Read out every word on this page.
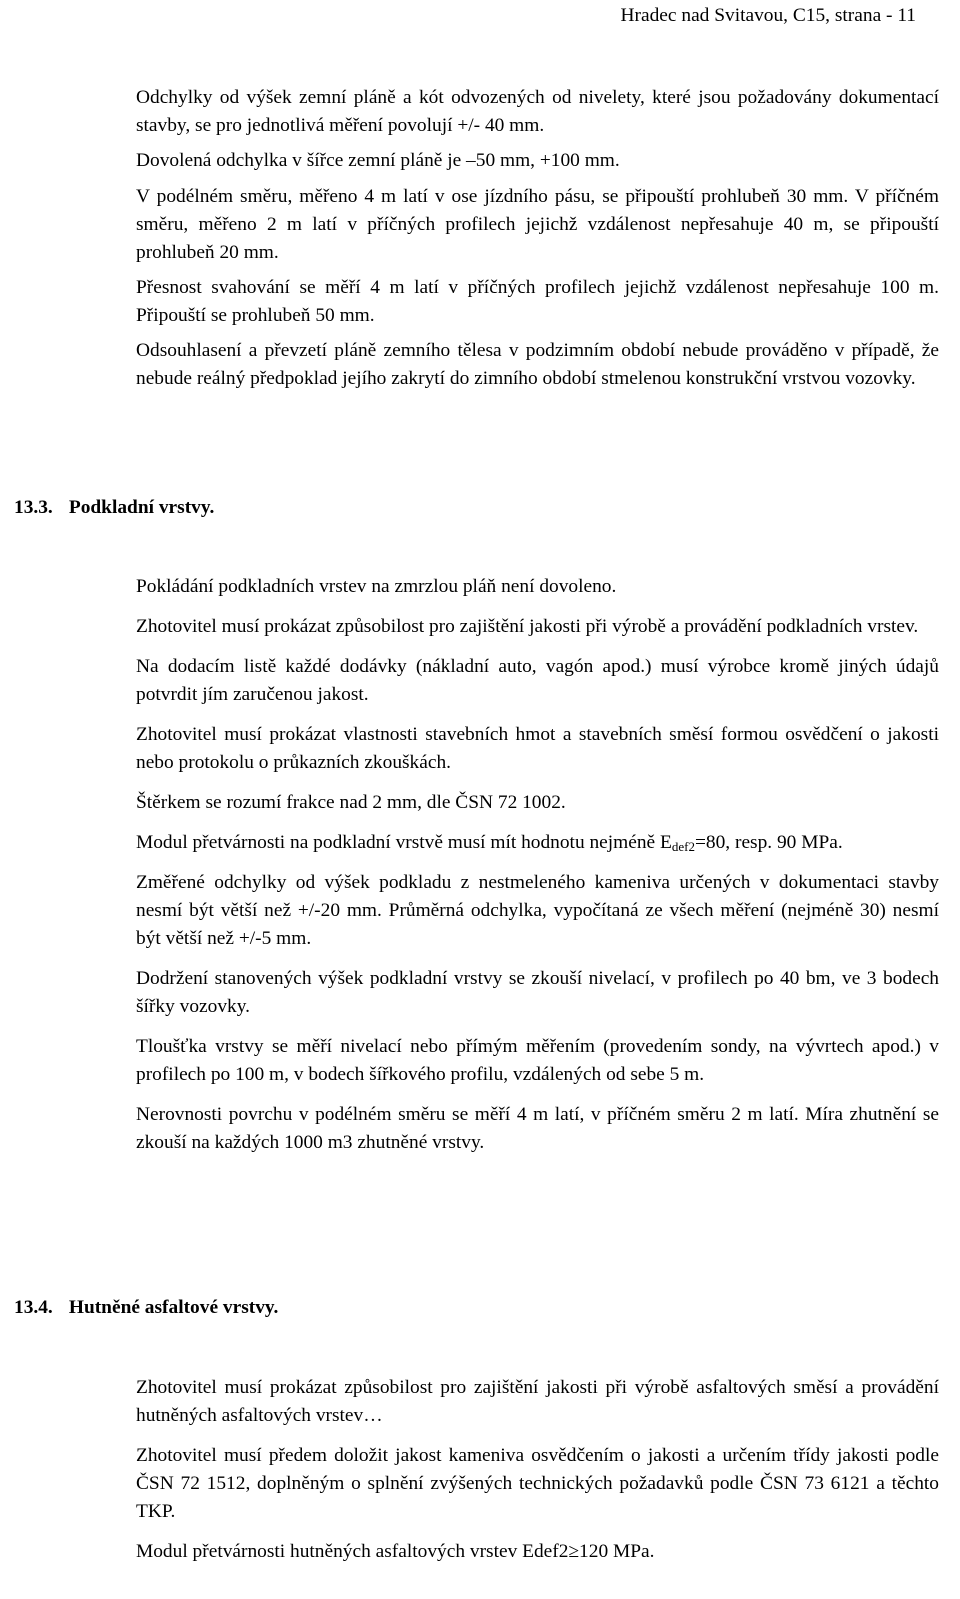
Hradec nad Svitavou, C15, strana - 11

Odchylky od výšek zemní pláně a kót odvozených od nivelety, které jsou požadovány dokumentací stavby, se pro jednotlivá měření povolují +/- 40 mm.

Dovolená odchylka v šířce zemní pláně je –50 mm, +100 mm.

V podélném směru, měřeno 4 m latí v ose jízdního pásu, se připouští prohlubeň 30 mm. V příčném směru, měřeno 2 m latí v příčných profilech jejichž vzdálenost nepřesahuje 40 m, se připouští prohlubeň 20 mm.

Přesnost svahování se měří 4 m latí v příčných profilech jejichž vzdálenost nepřesahuje 100 m. Připouští se prohlubeň 50 mm.

Odsouhlasení a převzetí pláně zemního tělesa v podzimním období nebude prováděno v případě, že nebude reálný předpoklad jejího zakrytí do zimního období stmelenou konstrukční vrstvou vozovky.

13.3. Podkladní vrstvy.

Pokládání podkladních vrstev na zmrzlou pláň není dovoleno.

Zhotovitel musí prokázat způsobilost pro zajištění jakosti při výrobě a provádění podkladních vrstev.

Na dodacím listě každé dodávky (nákladní auto, vagón apod.) musí výrobce kromě jiných údajů potvrdit jím zaručenou jakost.

Zhotovitel musí prokázat vlastnosti stavebních hmot a stavebních směsí formou osvědčení o jakosti nebo protokolu o průkazních zkouškách.

Štěrkem se rozumí frakce nad 2 mm, dle ČSN 72 1002.

Modul přetvárnosti na podkladní vrstvě musí mít hodnotu nejméně $E_{def2}=80$, resp. 90 MPa.

Změřené odchylky od výšek podkladu z nestmeleného kameniva určených v dokumentaci stavby nesmí být větší než +/-20 mm. Průměrná odchylka, vypočítaná ze všech měření (nejméně 30) nesmí být větší než +/-5 mm.

Dodržení stanovených výšek podkladní vrstvy se zkouší nivelací, v profilech po 40 bm, ve 3 bodech šířky vozovky.

Tloušťka vrstvy se měří nivelací nebo přímým měřením (provedením sondy, na vývrtech apod.) v profilech po 100 m, v bodech šířkového profilu, vzdálených od sebe 5 m.

Nerovnosti povrchu v podélném směru se měří 4 m latí, v příčném směru 2 m latí. Míra zhutnění se zkouší na každých 1000 m3 zhutněné vrstvy.

13.4. Hutněné asfaltové vrstvy.

Zhotovitel musí prokázat způsobilost pro zajištění jakosti při výrobě asfaltových směsí a provádění hutněných asfaltových vrstev…

Zhotovitel musí předem doložit jakost kameniva osvědčením o jakosti a určením třídy jakosti podle ČSN 72 1512, doplněným o splnění zvýšených technických požadavků podle ČSN 73 6121 a těchto TKP.

Modul přetvárnosti hutněných asfaltových vrstev Edef2≥120 MPa.
